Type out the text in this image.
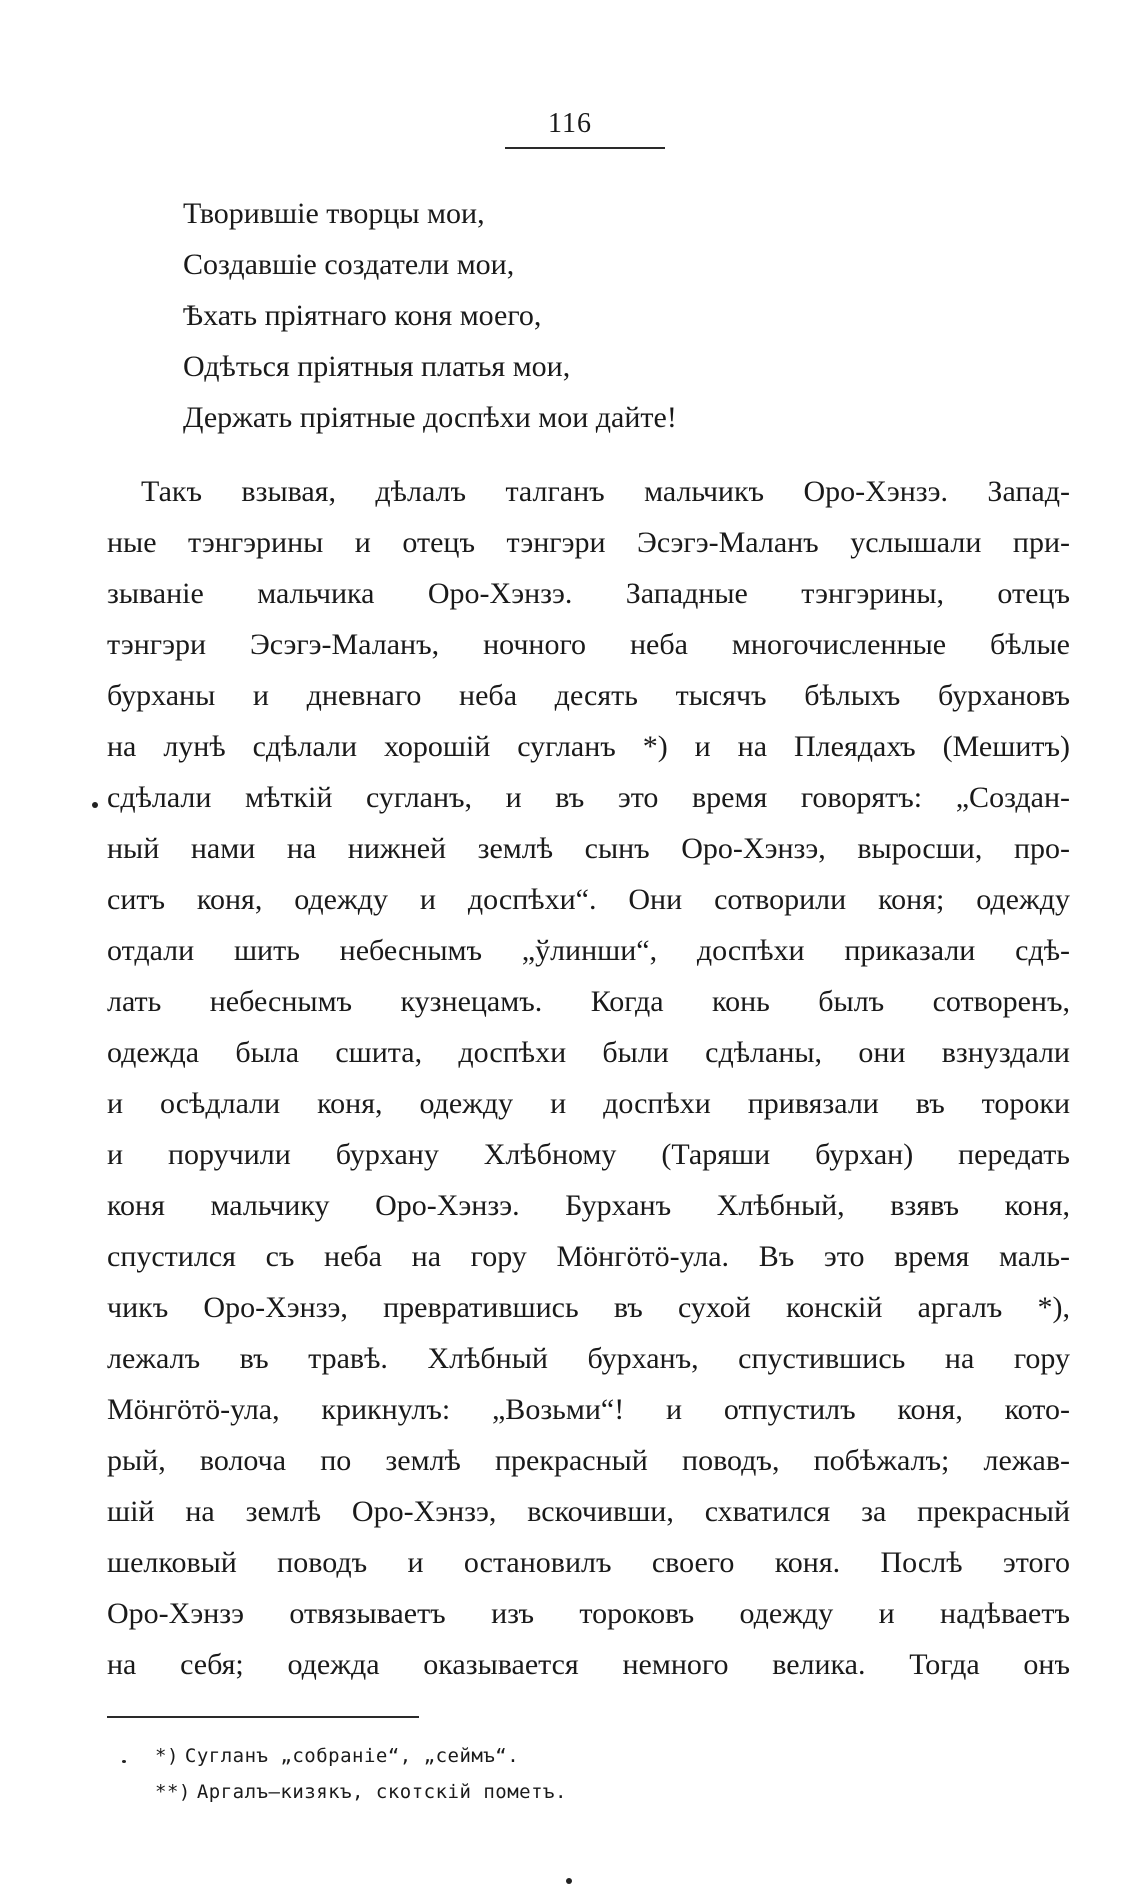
116
Творившіе творцы мои,
Создавшіе создатели мои,
Ѣхать пріятнаго коня моего,
Одѣться пріятныя платья мои,
Держать пріятные доспѣхи мои дайте!
Такъ взывая, дѣлалъ талганъ мальчикъ Оро-Хэнзэ. Запад-
ные тэнгэрины и отецъ тэнгэри Эсэгэ-Маланъ услышали при-
зываніе мальчика Оро-Хэнзэ. Западные тэнгэрины, отецъ
тэнгэри Эсэгэ-Маланъ, ночного неба многочисленные бѣлые
бурханы и дневнаго неба десять тысячъ бѣлыхъ бурхановъ
на лунѣ сдѣлали хорошій сугланъ *) и на Плеядахъ (Мешитъ)
сдѣлали мѣткій сугланъ, и въ это время говорятъ: „Создан-
ный нами на нижней землѣ сынъ Оро-Хэнзэ, выросши, про-
ситъ коня, одежду и доспѣхи“. Они сотворили коня; одежду
отдали шить небеснымъ „ўлинши“, доспѣхи приказали сдѣ-
лать небеснымъ кузнецамъ. Когда конь былъ сотворенъ,
одежда была сшита, доспѣхи были сдѣланы, они взнуздали
и осѣдлали коня, одежду и доспѣхи привязали въ тороки
и поручили бурхану Хлѣбному (Таряши бурхан) передать
коня мальчику Оро-Хэнзэ. Бурханъ Хлѣбный, взявъ коня,
спустился съ неба на гору Мӧнгӧтӧ-ула. Въ это время маль-
чикъ Оро-Хэнзэ, превратившись въ сухой конскій аргалъ *),
лежалъ въ травѣ. Хлѣбный бурханъ, спустившись на гору
Мӧнгӧтӧ-ула, крикнулъ: „Возьми“! и отпустилъ коня, кото-
рый, волоча по землѣ прекрасный поводъ, побѣжалъ; лежав-
шій на землѣ Оро-Хэнзэ, вскочивши, схватился за прекрасный
шелковый поводъ и остановилъ своего коня. Послѣ этого
Оро-Хэнзэ отвязываетъ изъ тороковъ одежду и надѣваетъ
на себя; одежда оказывается немного велика. Тогда онъ
*) Сугланъ „собраніе“, „сеймъ“.
**) Аргалъ—кизякъ, скотскій пометъ.
